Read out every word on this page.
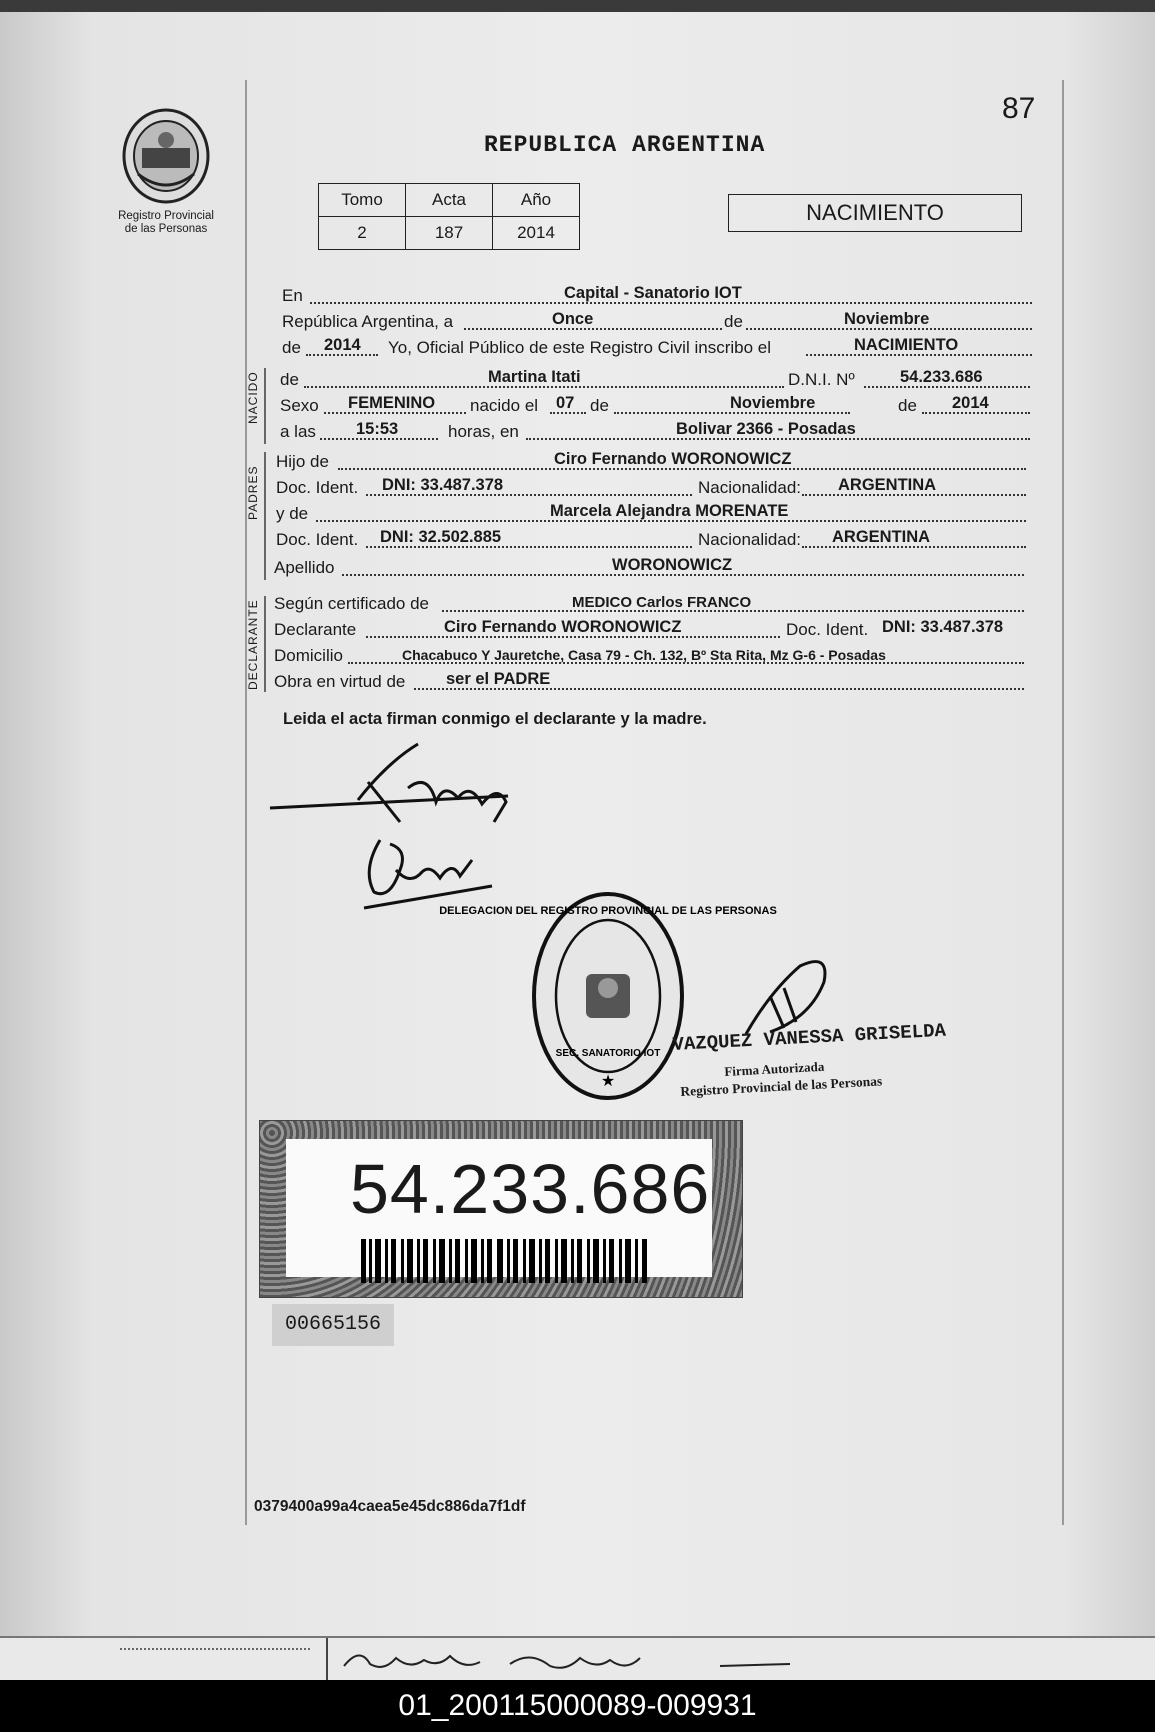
87
Registro Provincial
de las Personas
REPUBLICA ARGENTINA
Tomo	Acta	Año
2	187	2014
NACIMIENTO
En	Capital - Sanatorio IOT
República Argentina, a	Once	de	Noviembre
de 2014 Yo, Oficial Público de este Registro Civil inscribo el	NACIMIENTO
de	Martina Itati	D.N.I. Nº	54.233.686
Sexo FEMENINO nacido el 07 de	Noviembre	de 2014
a las 15:53	horas, en	Bolivar 2366 - Posadas
Hijo de	Ciro Fernando WORONOWICZ
Doc. Ident. DNI: 33.487.378	Nacionalidad: ARGENTINA
y de	Marcela Alejandra MORENATE
Doc. Ident. DNI: 32.502.885	Nacionalidad: ARGENTINA
Apellido	WORONOWICZ
Según certificado de	MEDICO Carlos FRANCO
Declarante	Ciro Fernando WORONOWICZ	Doc. Ident. DNI: 33.487.378
Domicilio	Chacabuco Y Jauretche, Casa 79 - Ch. 132, Bº Sta Rita, Mz G-6 - Posadas
Obra en virtud de ser el PADRE
NACIDO
PADRES
DECLARANTE
Leida el acta firman conmigo el declarante y la madre.
DELEGACION DEL REGISTRO PROVINCIAL DE LAS PERSONAS
SEC. SANATORIO IOT
★
VAZQUEZ VANESSA GRISELDA
Firma Autorizada
Registro Provincial de las Personas
54.233.686
00665156
0379400a99a4caea5e45dc886da7f1df
01_200115000089-009931
